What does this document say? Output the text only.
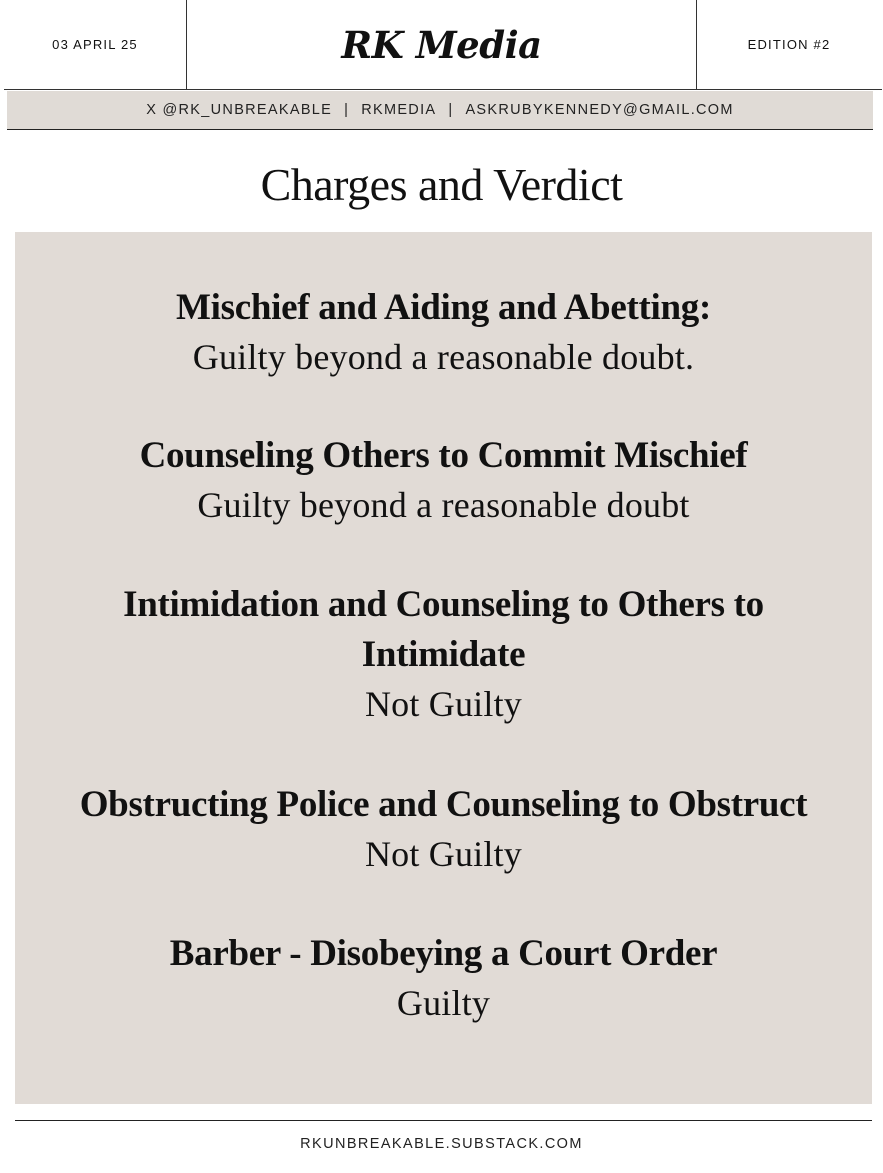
03 APRIL 25	RK Media	EDITION #2
X @RK_UNBREAKABLE | RKMEDIA | ASKRUBYKENNEDY@GMAIL.COM
Charges and Verdict
Mischief and Aiding and Abetting:
Guilty beyond a reasonable doubt.
Counseling Others to Commit Mischief
Guilty beyond a reasonable doubt
Intimidation and Counseling to Others to Intimidate
Not Guilty
Obstructing Police and Counseling to Obstruct
Not Guilty
Barber - Disobeying a Court Order
Guilty
RKUNBREAKABLE.SUBSTACK.COM
